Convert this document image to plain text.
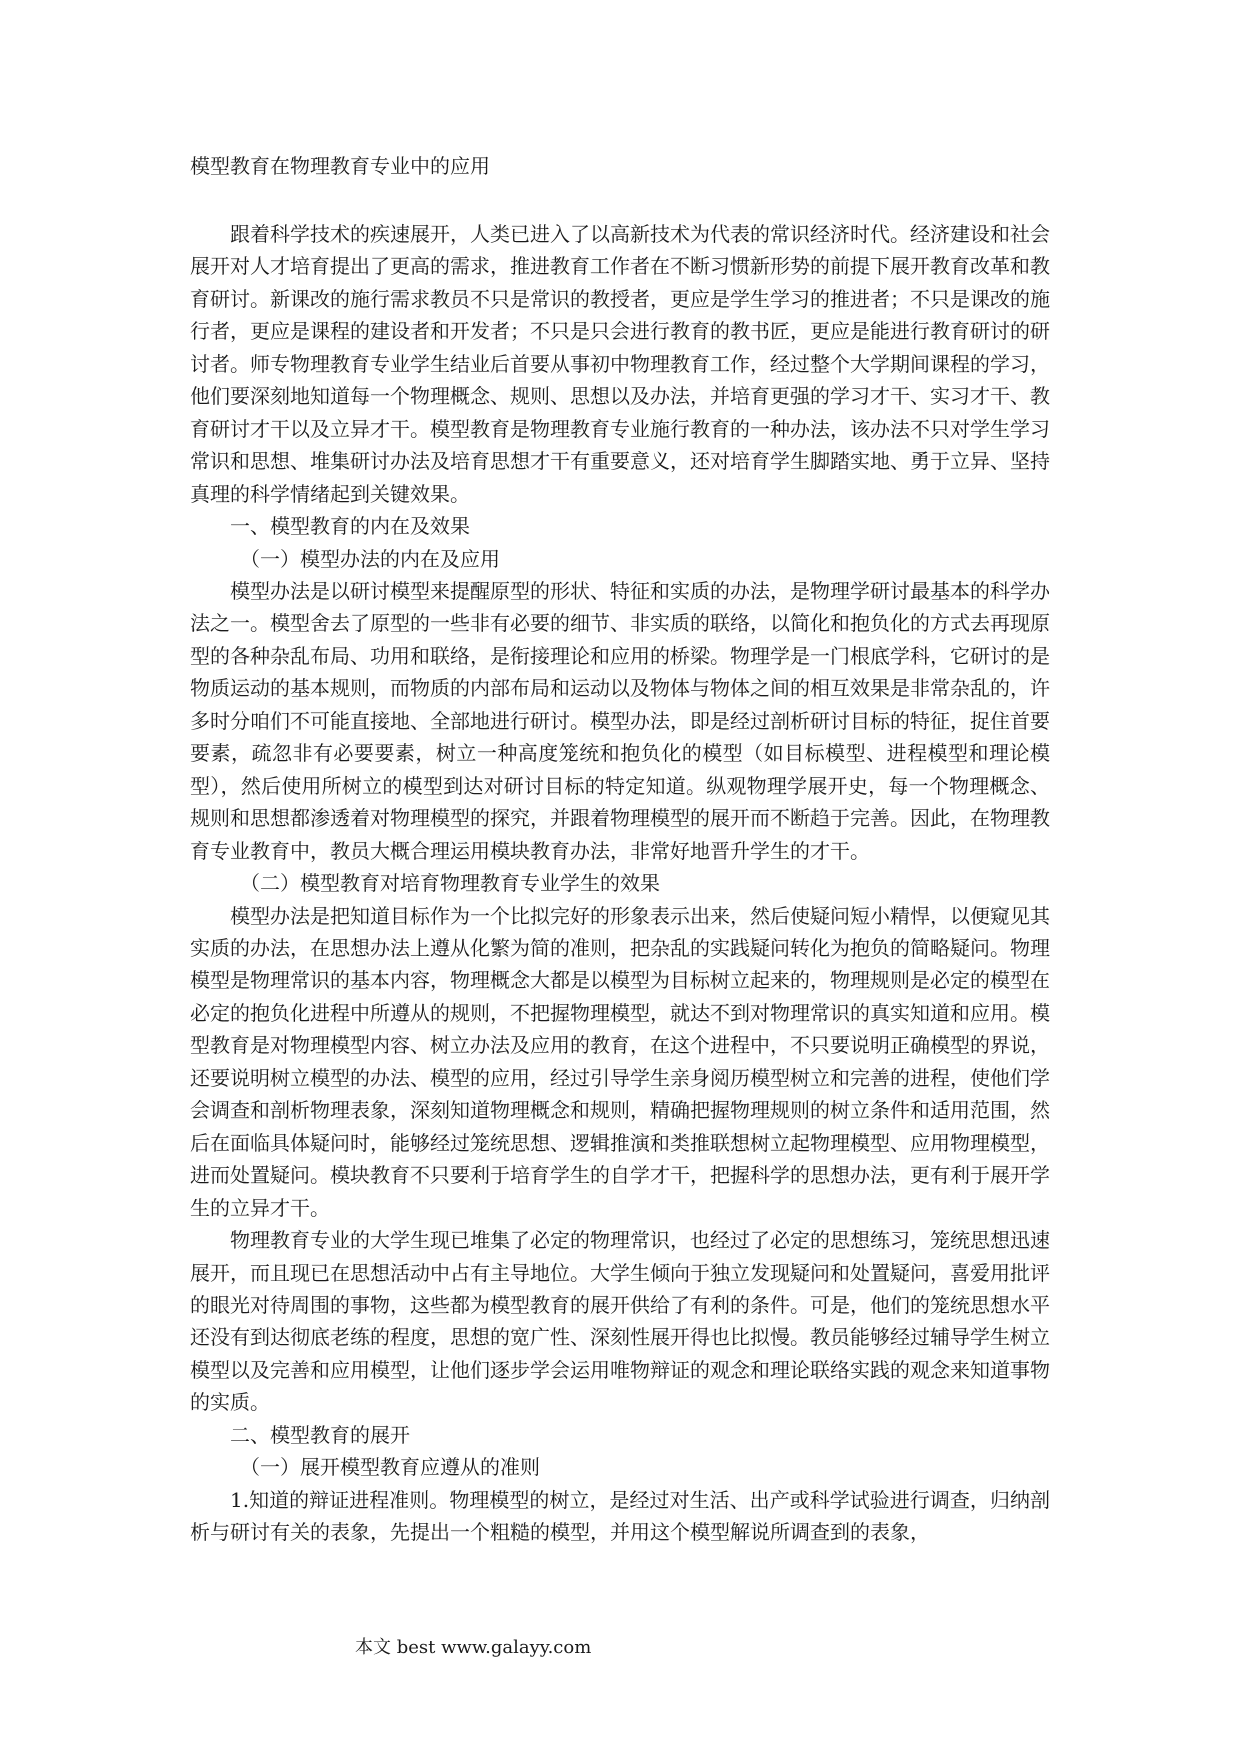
模型教育在物理教育专业中的应用

跟着科学技术的疾速展开，人类已进入了以高新技术为代表的常识经济时代。经济建设和社会展开对人才培育提出了更高的需求，推进教育工作者在不断习惯新形势的前提下展开教育改革和教育研讨。新课改的施行需求教员不只是常识的教授者，更应是学生学习的推进者；不只是课改的施行者，更应是课程的建设者和开发者；不只是只会进行教育的教书匠，更应是能进行教育研讨的研讨者。师专物理教育专业学生结业后首要从事初中物理教育工作，经过整个大学期间课程的学习，他们要深刻地知道每一个物理概念、规则、思想以及办法，并培育更强的学习才干、实习才干、教育研讨才干以及立异才干。模型教育是物理教育专业施行教育的一种办法，该办法不只对学生学习常识和思想、堆集研讨办法及培育思想才干有重要意义，还对培育学生脚踏实地、勇于立异、坚持真理的科学情绪起到关键效果。

一、模型教育的内在及效果

（一）模型办法的内在及应用

模型办法是以研讨模型来提醒原型的形状、特征和实质的办法，是物理学研讨最基本的科学办法之一。模型舍去了原型的一些非有必要的细节、非实质的联络，以简化和抱负化的方式去再现原型的各种杂乱布局、功用和联络，是衔接理论和应用的桥梁。物理学是一门根底学科，它研讨的是物质运动的基本规则，而物质的内部布局和运动以及物体与物体之间的相互效果是非常杂乱的，许多时分咱们不可能直接地、全部地进行研讨。模型办法，即是经过剖析研讨目标的特征，捉住首要要素，疏忽非有必要要素，树立一种高度笼统和抱负化的模型（如目标模型、进程模型和理论模型），然后使用所树立的模型到达对研讨目标的特定知道。纵观物理学展开史，每一个物理概念、规则和思想都渗透着对物理模型的探究，并跟着物理模型的展开而不断趋于完善。因此，在物理教育专业教育中，教员大概合理运用模块教育办法，非常好地晋升学生的才干。

（二）模型教育对培育物理教育专业学生的效果

模型办法是把知道目标作为一个比拟完好的形象表示出来，然后使疑问短小精悍，以便窥见其实质的办法，在思想办法上遵从化繁为简的准则，把杂乱的实践疑问转化为抱负的简略疑问。物理模型是物理常识的基本内容，物理概念大都是以模型为目标树立起来的，物理规则是必定的模型在必定的抱负化进程中所遵从的规则，不把握物理模型，就达不到对物理常识的真实知道和应用。模型教育是对物理模型内容、树立办法及应用的教育，在这个进程中，不只要说明正确模型的界说，还要说明树立模型的办法、模型的应用，经过引导学生亲身阅历模型树立和完善的进程，使他们学会调查和剖析物理表象，深刻知道物理概念和规则，精确把握物理规则的树立条件和适用范围，然后在面临具体疑问时，能够经过笼统思想、逻辑推演和类推联想树立起物理模型、应用物理模型，进而处置疑问。模块教育不只要利于培育学生的自学才干，把握科学的思想办法，更有利于展开学生的立异才干。

物理教育专业的大学生现已堆集了必定的物理常识，也经过了必定的思想练习，笼统思想迅速展开，而且现已在思想活动中占有主导地位。大学生倾向于独立发现疑问和处置疑问，喜爱用批评的眼光对待周围的事物，这些都为模型教育的展开供给了有利的条件。可是，他们的笼统思想水平还没有到达彻底老练的程度，思想的宽广性、深刻性展开得也比拟慢。教员能够经过辅导学生树立模型以及完善和应用模型，让他们逐步学会运用唯物辩证的观念和理论联络实践的观念来知道事物的实质。

二、模型教育的展开

（一）展开模型教育应遵从的准则

1.知道的辩证进程准则。物理模型的树立，是经过对生活、出产或科学试验进行调查，归纳剖析与研讨有关的表象，先提出一个粗糙的模型，并用这个模型解说所调查到的表象，

本文 best www.galayy.com
